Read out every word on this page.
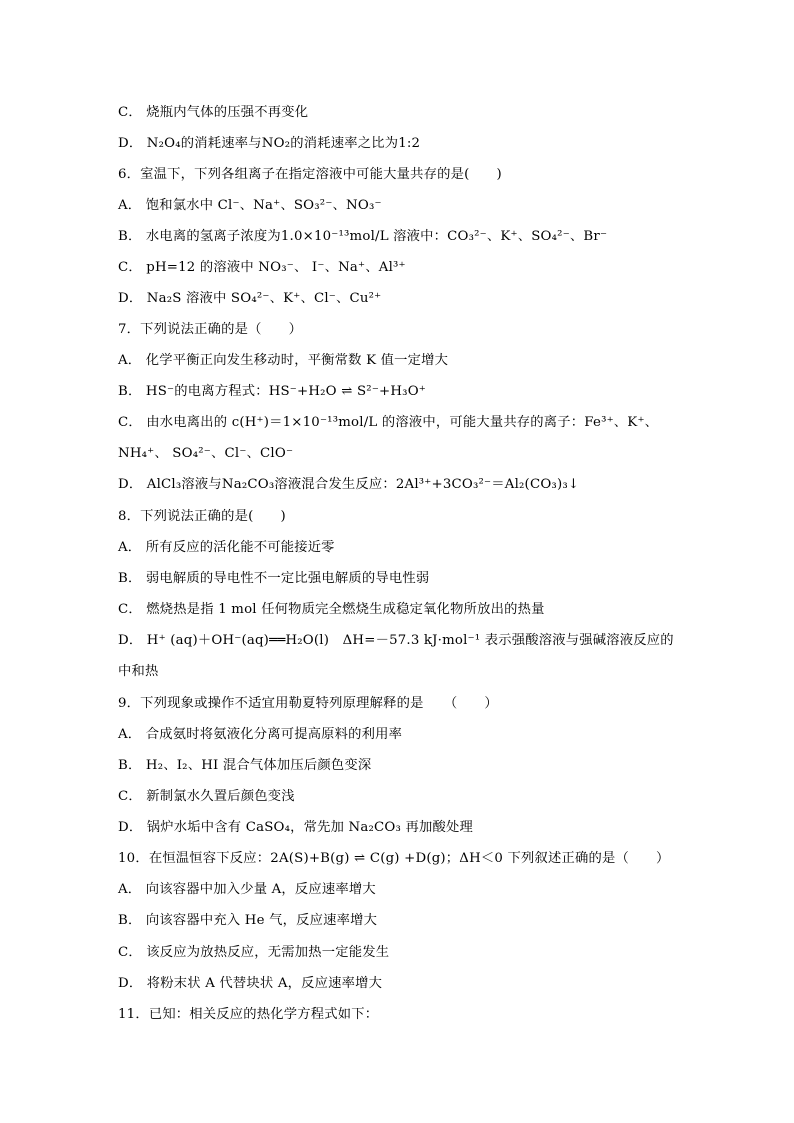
C． 烧瓶内气体的压强不再变化
D． N₂O₄的消耗速率与NO₂的消耗速率之比为1:2
6．室温下，下列各组离子在指定溶液中可能大量共存的是(　　)
A． 饱和氯水中 Cl⁻、Na⁺、SO₃²⁻、NO₃⁻
B． 水电离的氢离子浓度为1.0×10⁻¹³mol/L 溶液中：CO₃²⁻、K⁺、SO₄²⁻、Br⁻
C． pH=12 的溶液中 NO₃⁻、 I⁻、Na⁺、Al³⁺
D． Na₂S 溶液中 SO₄²⁻、K⁺、Cl⁻、Cu²⁺
7．下列说法正确的是（　　）
A． 化学平衡正向发生移动时，平衡常数 K 值一定增大
B． HS⁻的电离方程式：HS⁻+H₂O ⇌ S²⁻+H₃O⁺
C． 由水电离出的 c(H⁺)＝1×10⁻¹³mol/L 的溶液中，可能大量共存的离子：Fe³⁺、K⁺、
NH₄⁺、 SO₄²⁻、Cl⁻、ClO⁻
D． AlCl₃溶液与Na₂CO₃溶液混合发生反应：2Al³⁺+3CO₃²⁻＝Al₂(CO₃)₃↓
8．下列说法正确的是(　　)
A． 所有反应的活化能不可能接近零
B． 弱电解质的导电性不一定比强电解质的导电性弱
C． 燃烧热是指 1 mol 任何物质完全燃烧生成稳定氧化物所放出的热量
D． H⁺ (aq)＋OH⁻(aq)══H₂O(l)　ΔH=－57.3 kJ·mol⁻¹ 表示强酸溶液与强碱溶液反应的
中和热
9．下列现象或操作不适宜用勒夏特列原理解释的是　　（　　）
A． 合成氨时将氨液化分离可提高原料的利用率
B． H₂、I₂、HI 混合气体加压后颜色变深
C． 新制氯水久置后颜色变浅
D． 锅炉水垢中含有 CaSO₄，常先加 Na₂CO₃ 再加酸处理
10．在恒温恒容下反应：2A(S)+B(g) ⇌ C(g) +D(g)；ΔH＜0 下列叙述正确的是（　　）
A． 向该容器中加入少量 A，反应速率增大
B． 向该容器中充入 He 气，反应速率增大
C． 该反应为放热反应，无需加热一定能发生
D． 将粉末状 A 代替块状 A，反应速率增大
11．已知：相关反应的热化学方程式如下：
